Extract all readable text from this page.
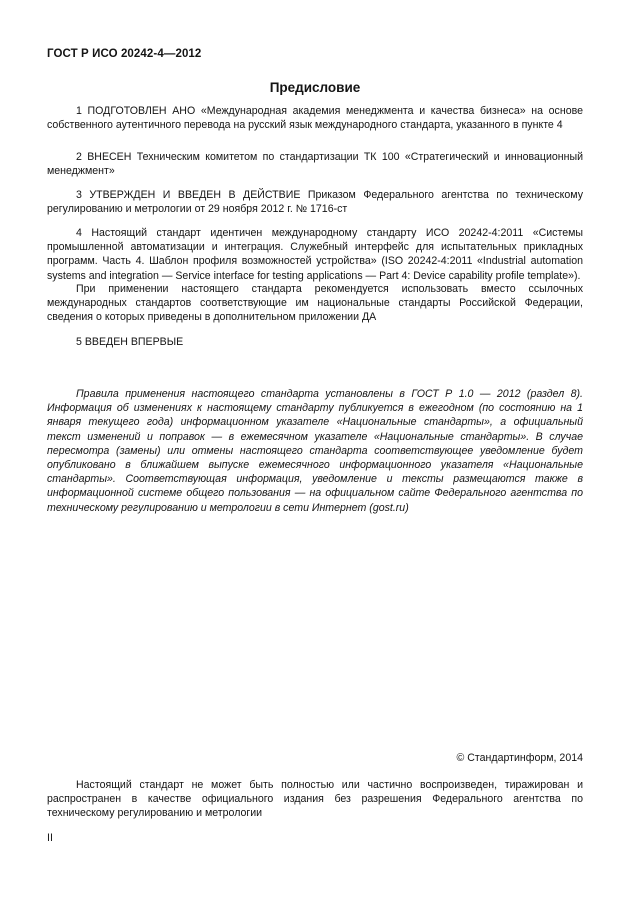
ГОСТ Р ИСО 20242-4—2012
Предисловие

1 ПОДГОТОВЛЕН АНО «Международная академия менеджмента и качества бизнеса» на основе собственного аутентичного перевода на русский язык международного стандарта, указанного в пункте 4

2 ВНЕСЕН Техническим комитетом по стандартизации ТК 100 «Стратегический и инновационный менеджмент»

3 УТВЕРЖДЕН И ВВЕДЕН В ДЕЙСТВИЕ Приказом Федерального агентства по техническому регулированию и метрологии от 29 ноября 2012 г. № 1716-ст

4 Настоящий стандарт идентичен международному стандарту ИСО 20242-4:2011 «Системы промышленной автоматизации и интеграция. Служебный интерфейс для испытательных прикладных программ. Часть 4. Шаблон профиля возможностей устройства» (ISO 20242-4:2011 «Industrial automation systems and integration — Service interface for testing applications — Part 4: Device capability profile template»).

При применении настоящего стандарта рекомендуется использовать вместо ссылочных международных стандартов соответствующие им национальные стандарты Российской Федерации, сведения о которых приведены в дополнительном приложении ДА

5 ВВЕДЕН ВПЕРВЫЕ

Правила применения настоящего стандарта установлены в ГОСТ Р 1.0 — 2012 (раздел 8). Информация об изменениях к настоящему стандарту публикуется в ежегодном (по состоянию на 1 января текущего года) информационном указателе «Национальные стандарты», а официальный текст изменений и поправок — в ежемесячном указателе «Национальные стандарты». В случае пересмотра (замены) или отмены настоящего стандарта соответствующее уведомление будет опубликовано в ближайшем выпуске ежемесячного информационного указателя «Национальные стандарты». Соответствующая информация, уведомление и тексты размещаются также в информационной системе общего пользования — на официальном сайте Федерального агентства по техническому регулированию и метрологии в сети Интернет (gost.ru)

© Стандартинформ, 2014

Настоящий стандарт не может быть полностью или частично воспроизведен, тиражирован и распространен в качестве официального издания без разрешения Федерального агентства по техническому регулированию и метрологии

II
